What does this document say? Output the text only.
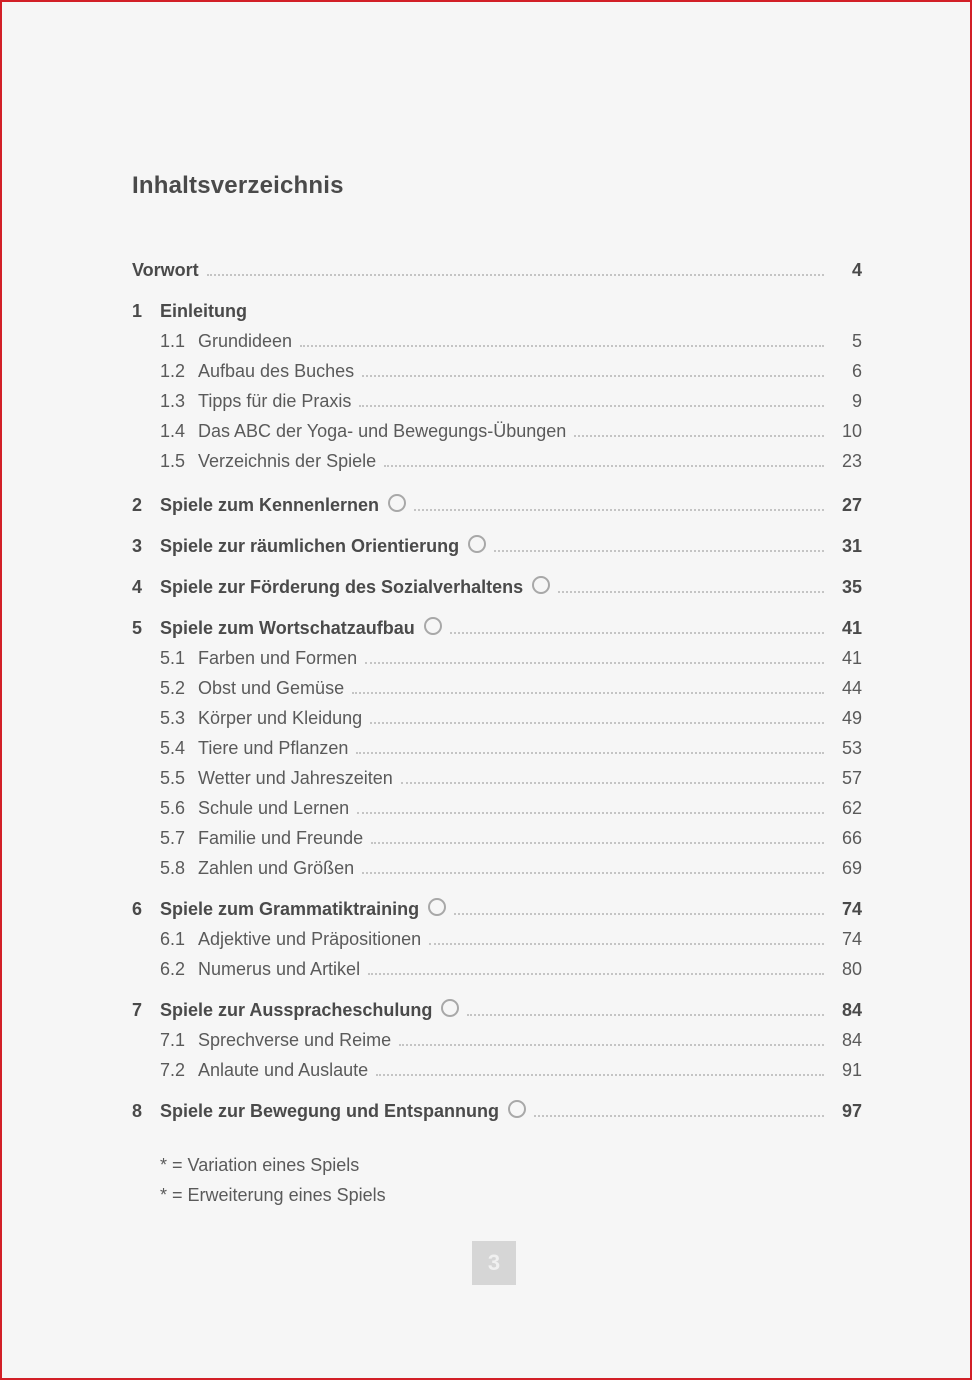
Inhaltsverzeichnis
Vorwort	4
1 Einleitung
1.1 Grundideen	5
1.2 Aufbau des Buches	6
1.3 Tipps für die Praxis	9
1.4 Das ABC der Yoga- und Bewegungs-Übungen	10
1.5 Verzeichnis der Spiele	23
2 Spiele zum Kennenlernen	27
3 Spiele zur räumlichen Orientierung	31
4 Spiele zur Förderung des Sozialverhaltens	35
5 Spiele zum Wortschatzaufbau	41
5.1 Farben und Formen	41
5.2 Obst und Gemüse	44
5.3 Körper und Kleidung	49
5.4 Tiere und Pflanzen	53
5.5 Wetter und Jahreszeiten	57
5.6 Schule und Lernen	62
5.7 Familie und Freunde	66
5.8 Zahlen und Größen	69
6 Spiele zum Grammatiktraining	74
6.1 Adjektive und Präpositionen	74
6.2 Numerus und Artikel	80
7 Spiele zur Ausspracheschulung	84
7.1 Sprechverse und Reime	84
7.2 Anlaute und Auslaute	91
8 Spiele zur Bewegung und Entspannung	97
* = Variation eines Spiels
* = Erweiterung eines Spiels
3
